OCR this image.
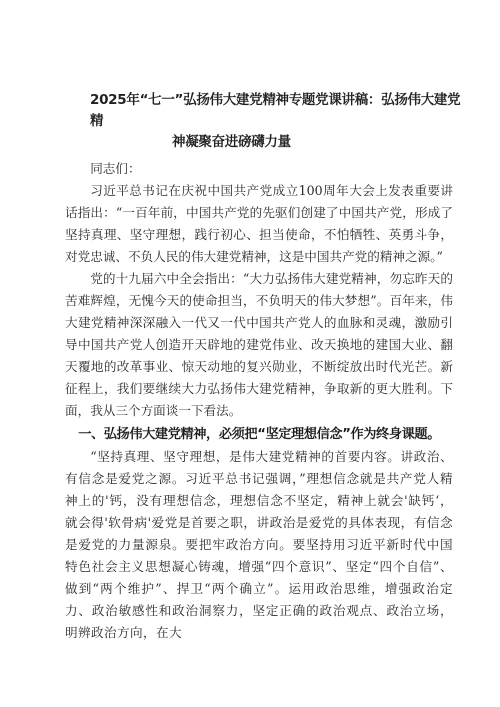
2025年“七一”弘扬伟大建党精神专题党课讲稿：弘扬伟大建党精
神凝聚奋进磅礴力量

同志们：

习近平总书记在庆祝中国共产党成立100周年大会上发表重要讲话指出：“一百年前，中国共产党的先驱们创建了中国共产党，形成了坚持真理、坚守理想，践行初心、担当使命，不怕牺牲、英勇斗争，对党忠诚、不负人民的伟大建党精神，这是中国共产党的精神之源。”

党的十九届六中全会指出：“大力弘扬伟大建党精神，勿忘昨天的苦难辉煌，无愧今天的使命担当，不负明天的伟大梦想”。百年来，伟大建党精神深深融入一代又一代中国共产党人的血脉和灵魂，激励引导中国共产党人创造开天辟地的建党伟业、改天换地的建国大业、翻天覆地的改革事业、惊天动地的复兴勋业，不断绽放出时代光芒。新征程上，我们要继续大力弘扬伟大建党精神，争取新的更大胜利。下面，我从三个方面谈一下看法。

一、弘扬伟大建党精神，必须把“坚定理想信念”作为终身课题。

“坚持真理、坚守理想，是伟大建党精神的首要内容。讲政治、有信念是爱党之源。习近平总书记强调，”理想信念就是共产党人精神上的'钙，没有理想信念，理想信念不坚定，精神上就会'缺钙‘，就会得'软骨病'爱党是首要之职，讲政治是爱党的具体表现，有信念是爱党的力量源泉。要把牢政治方向。要坚持用习近平新时代中国特色社会主义思想凝心铸魂，增强“四个意识”、坚定“四个自信”、做到“两个维护”、捍卫“两个确立”。运用政治思维，增强政治定力、政治敏感性和政治洞察力，坚定正确的政治观点、政治立场，明辨政治方向，在大
